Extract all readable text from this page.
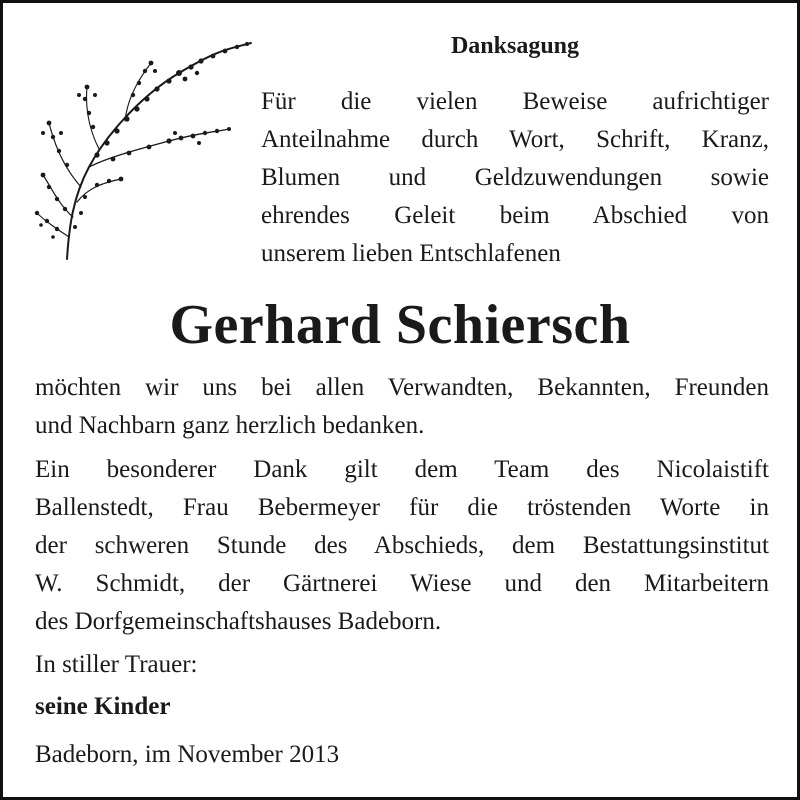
Danksagung

Für die vielen Beweise aufrichtiger
Anteilnahme durch Wort, Schrift, Kranz,
Blumen und Geldzuwendungen sowie
ehrendes Geleit beim Abschied von
unserem lieben Entschlafenen

Gerhard Schiersch

möchten wir uns bei allen Verwandten, Bekannten, Freunden
und Nachbarn ganz herzlich bedanken.

Ein besonderer Dank gilt dem Team des Nicolaistift
Ballenstedt, Frau Bebermeyer für die tröstenden Worte in
der schweren Stunde des Abschieds, dem Bestattungsinstitut
W. Schmidt, der Gärtnerei Wiese und den Mitarbeitern
des Dorfgemeinschaftshauses Badeborn.

In stiller Trauer:

seine Kinder

Badeborn, im November 2013
